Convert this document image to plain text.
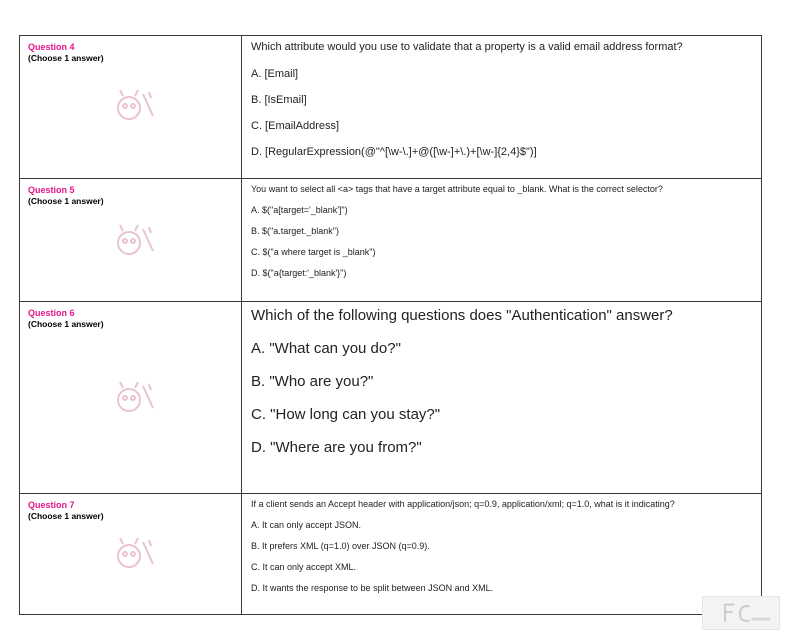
Question 4
(Choose 1 answer)
Which attribute would you use to validate that a property is a valid email address format?
A. [Email]
B. [IsEmail]
C. [EmailAddress]
D. [RegularExpression(@"^[\w-\.]+@([\w-]+\.)+[\w-]{2,4}$")]
Question 5
(Choose 1 answer)
You want to select all <a> tags that have a target attribute equal to _blank. What is the correct selector?
A. $("a[target='_blank']")
B. $("a.target._blank")
C. $("a where target is _blank")
D. $("a{target:'_blank'}")
Question 6
(Choose 1 answer)	Which of the following questions does "Authentication" answer?
A. "What can you do?"
B. "Who are you?"
C. "How long can you stay?"
D. "Where are you from?"
Question 7
(Choose 1 answer)
If a client sends an Accept header with application/json; q=0.9, application/xml; q=1.0, what is it indicating?
A. It can only accept JSON.
B. It prefers XML (q=1.0) over JSON (q=0.9).
C. It can only accept XML.
D. It wants the response to be split between JSON and XML.
